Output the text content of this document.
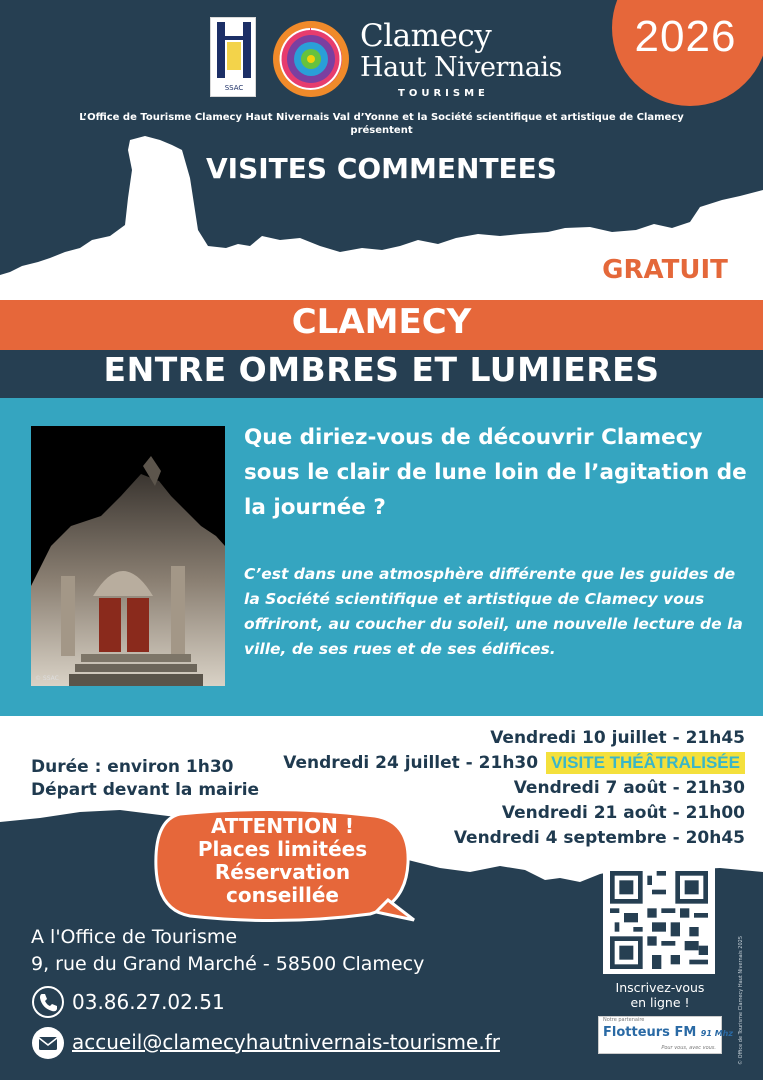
SSAC
Clamecy
Haut Nivernais
TOURISME
2026
L’Office de Tourisme Clamecy Haut Nivernais Val d’Yonne et la Société scientifique et artistique de Clamecy
présentent
VISITES COMMENTEES
GRATUIT
CLAMECY
ENTRE OMBRES ET LUMIERES
© SSAC
Que diriez-vous de découvrir Clamecy sous le clair de lune loin de l’agitation de la journée ?
C’est dans une atmosphère différente que les guides de la Société scientifique et artistique de Clamecy vous offriront, au coucher du soleil, une nouvelle lecture de la ville, de ses rues et de ses édifices.
Durée : environ 1h30
Départ devant la mairie
Vendredi 10 juillet - 21h45
Vendredi 24 juillet - 21h30 VISITE THÉÂTRALISÉE
Vendredi 7 août - 21h30
Vendredi 21 août - 21h00
Vendredi 4 septembre - 20h45
ATTENTION !
Places limitées
Réservation
conseillée
A l'Office de Tourisme
9, rue du Grand Marché - 58500 Clamecy
03.86.27.02.51
accueil@clamecyhautnivernais-tourisme.fr
Inscrivez-vous
en ligne !
Notre partenaire
Flotteurs FM 91 Mhz
Pour vous, avec vous.	© Office de Tourisme Clamecy Haut Nivernais 2025
